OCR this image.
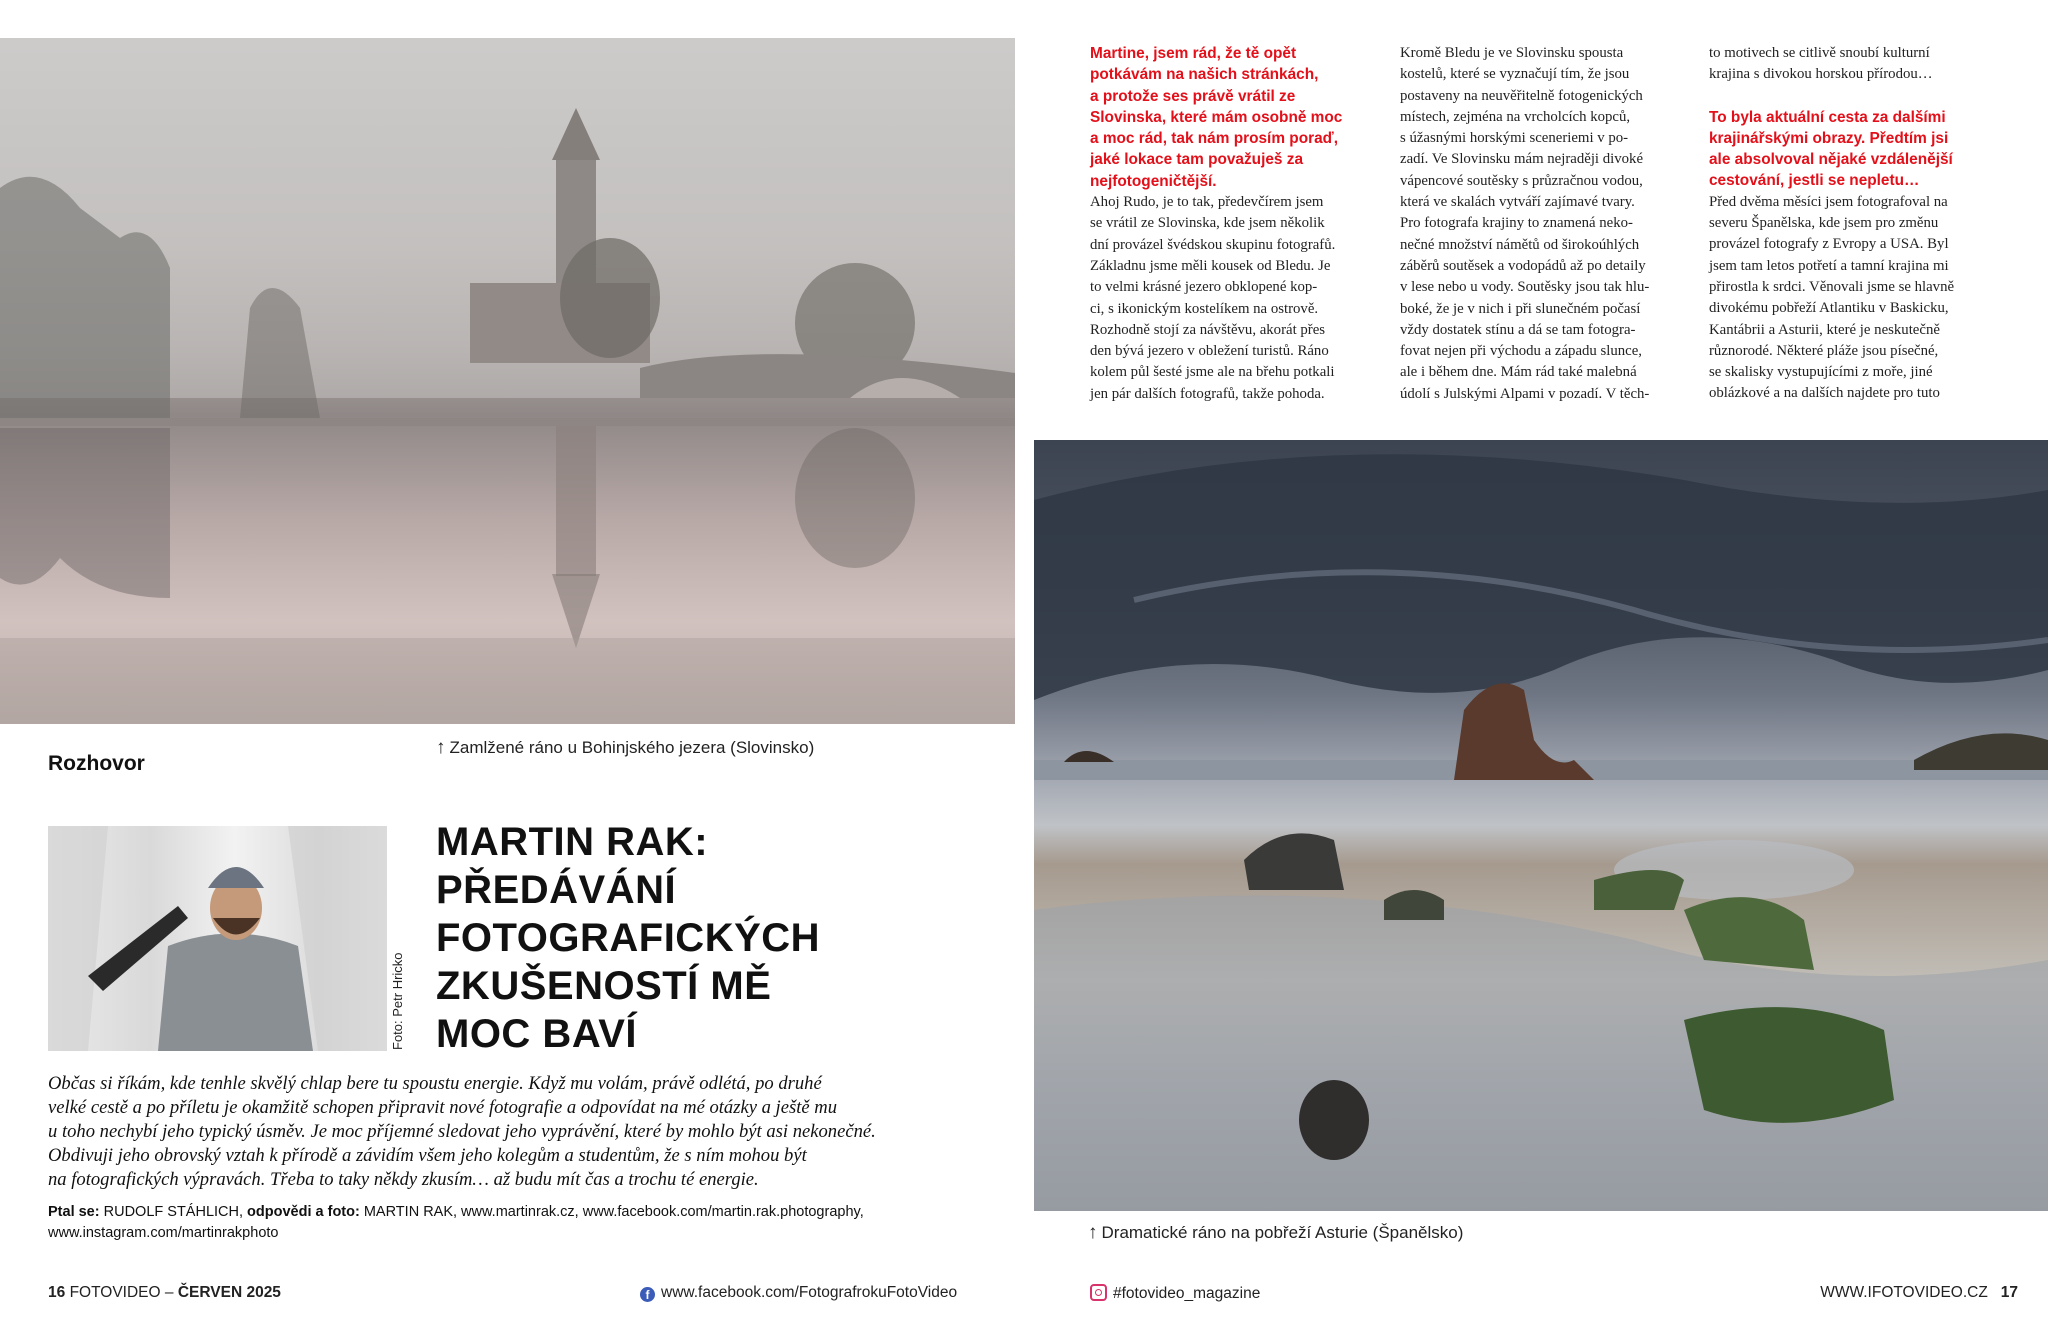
↑ Zamlžené ráno u Bohinjského jezera (Slovinsko)
Rozhovor
Foto: Petr Hricko
MARTIN RAK:
PŘEDÁVÁNÍ
FOTOGRAFICKÝCH
ZKUŠENOSTÍ MĚ
MOC BAVÍ
Občas si říkám, kde tenhle skvělý chlap bere tu spoustu energie. Když mu volám, právě odlétá, po druhé
velké cestě a po příletu je okamžitě schopen připravit nové fotografie a odpovídat na mé otázky a ještě mu
u toho nechybí jeho typický úsměv. Je moc příjemné sledovat jeho vyprávění, které by mohlo být asi nekonečné.
Obdivuji jeho obrovský vztah k přírodě a závidím všem jeho kolegům a studentům, že s ním mohou být
na fotografických výpravách. Třeba to taky někdy zkusím… až budu mít čas a trochu té energie.
Ptal se: RUDOLF STÁHLICH, odpovědi a foto: MARTIN RAK, www.martinrak.cz, www.facebook.com/martin.rak.photography,
www.instagram.com/martinrakphoto
Martine, jsem rád, že tě opět
potkávám na našich stránkách,
a protože ses právě vrátil ze
Slovinska, které mám osobně moc
a moc rád, tak nám prosím poraď,
jaké lokace tam považuješ za
nejfotogeničtější.
Ahoj Rudo, je to tak, předevčírem jsem
se vrátil ze Slovinska, kde jsem několik
dní provázel švédskou skupinu fotografů.
Základnu jsme měli kousek od Bledu. Je
to velmi krásné jezero obklopené kop-
ci, s ikonickým kostelíkem na ostrově.
Rozhodně stojí za návštěvu, akorát přes
den bývá jezero v obležení turistů. Ráno
kolem půl šesté jsme ale na břehu potkali
jen pár dalších fotografů, takže pohoda.
Kromě Bledu je ve Slovinsku spousta
kostelů, které se vyznačují tím, že jsou
postaveny na neuvěřitelně fotogenických
místech, zejména na vrcholcích kopců,
s úžasnými horskými sceneriemi v po-
zadí. Ve Slovinsku mám nejraději divoké
vápencové soutěsky s průzračnou vodou,
která ve skalách vytváří zajímavé tvary.
Pro fotografa krajiny to znamená neko-
nečné množství námětů od širokoúhlých
záběrů soutěsek a vodopádů až po detaily
v lese nebo u vody. Soutěsky jsou tak hlu-
boké, že je v nich i při slunečném počasí
vždy dostatek stínu a dá se tam fotogra-
fovat nejen při východu a západu slunce,
ale i během dne. Mám rád také malebná
údolí s Julskými Alpami v pozadí. V těch-
to motivech se citlivě snoubí kulturní
krajina s divokou horskou přírodou…
To byla aktuální cesta za dalšími
krajinářskými obrazy. Předtím jsi
ale absolvoval nějaké vzdálenější
cestování, jestli se nepletu…
Před dvěma měsíci jsem fotografoval na
severu Španělska, kde jsem pro změnu
provázel fotografy z Evropy a USA. Byl
jsem tam letos potřetí a tamní krajina mi
přirostla k srdci. Věnovali jsme se hlavně
divokému pobřeží Atlantiku v Baskicku,
Kantábrii a Asturii, které je neskutečně
různorodé. Některé pláže jsou písečné,
se skalisky vystupujícími z moře, jiné
oblázkové a na dalších najdete pro tuto
↑ Dramatické ráno na pobřeží Asturie (Španělsko)
16 FOTOVIDEO – ČERVEN 2025	f www.facebook.com/FotografrokuFotoVideo	#fotovideo_magazine	WWW.IFOTOVIDEO.CZ 17
